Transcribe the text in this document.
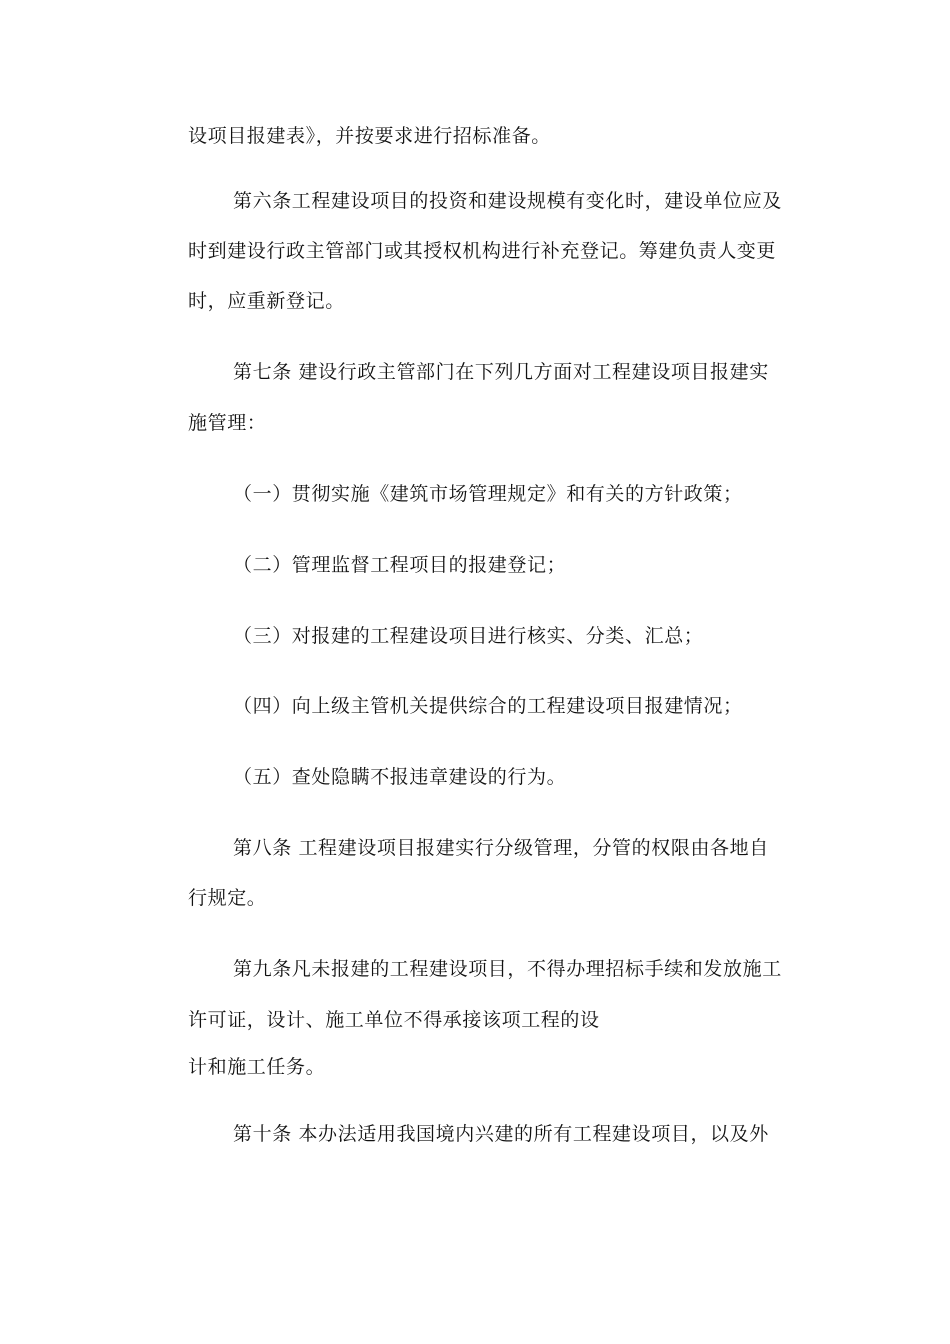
设项目报建表》，并按要求进行招标准备。
第六条工程建设项目的投资和建设规模有变化时，建设单位应及
时到建设行政主管部门或其授权机构进行补充登记。筹建负责人变更
时，应重新登记。
第七条 建设行政主管部门在下列几方面对工程建设项目报建实
施管理：
（一）贯彻实施《建筑市场管理规定》和有关的方针政策；
（二）管理监督工程项目的报建登记；
（三）对报建的工程建设项目进行核实、分类、汇总；
（四）向上级主管机关提供综合的工程建设项目报建情况；
（五）查处隐瞒不报违章建设的行为。
第八条 工程建设项目报建实行分级管理，分管的权限由各地自
行规定。
第九条凡未报建的工程建设项目，不得办理招标手续和发放施工
许可证，设计、施工单位不得承接该项工程的设
计和施工任务。
第十条 本办法适用我国境内兴建的所有工程建设项目，以及外
